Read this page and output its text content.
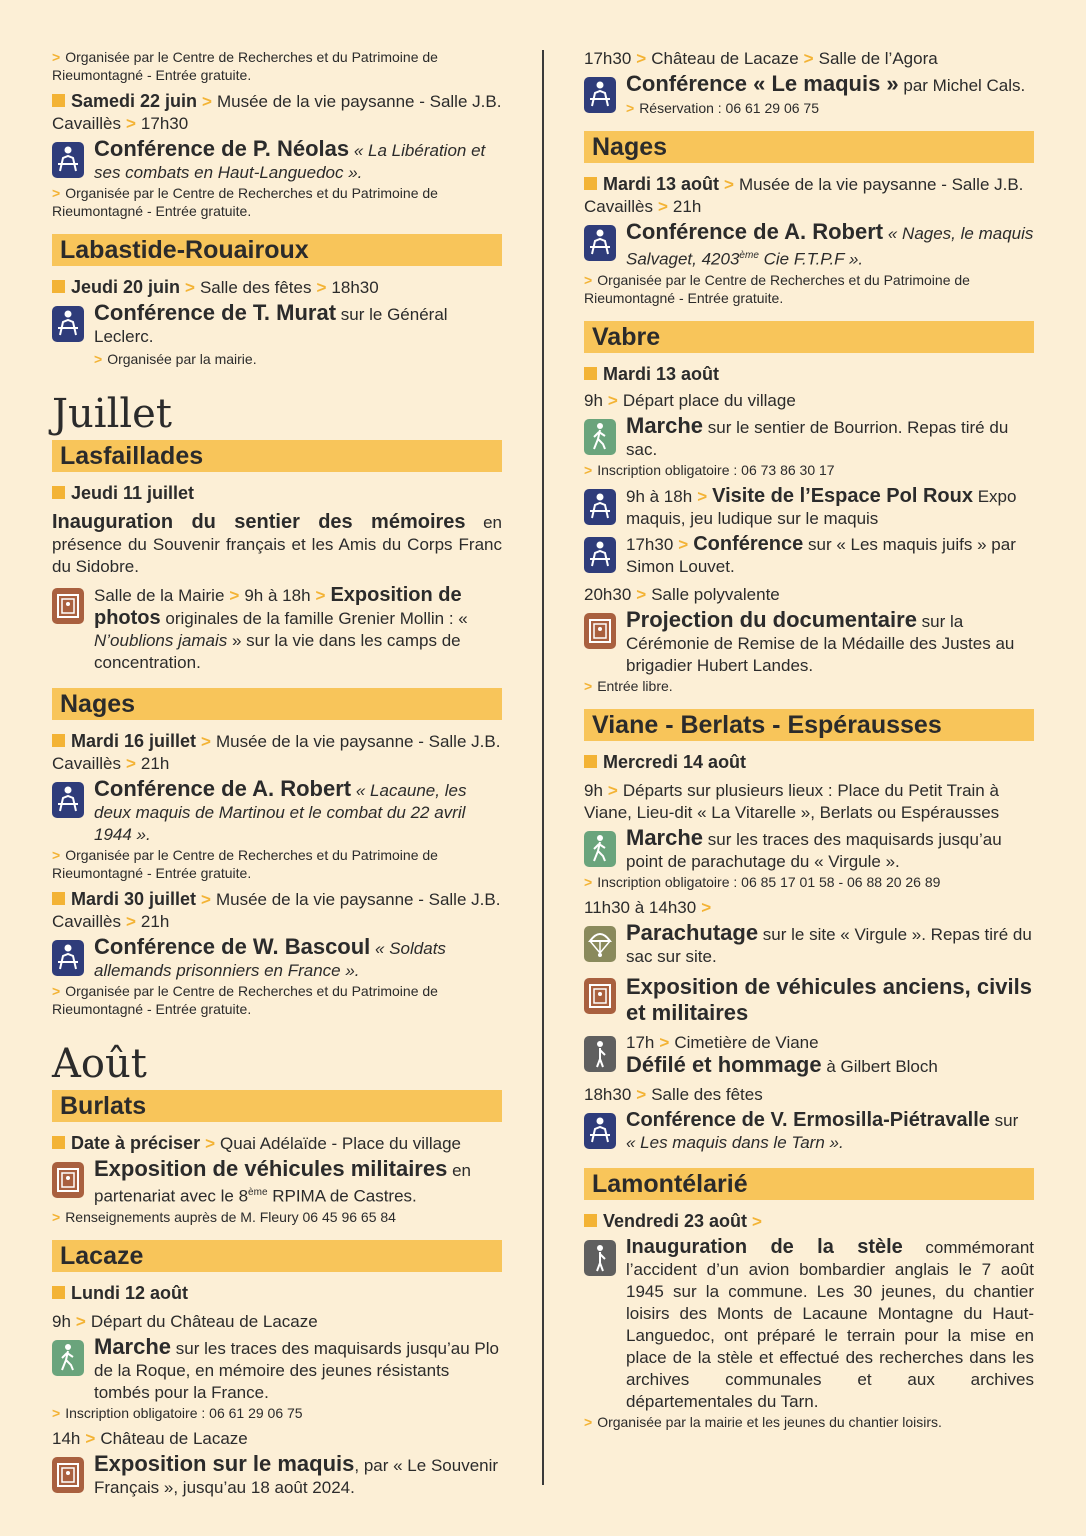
> Organisée par le Centre de Recherches et du Patrimoine de Rieumontagné - Entrée gratuite.
Samedi 22 juin > Musée de la vie paysanne - Salle J.B. Cavaillès > 17h30
Conférence de P. Néolas « La Libération et ses combats en Haut-Languedoc ».
> Organisée par le Centre de Recherches et du Patrimoine de Rieumontagné - Entrée gratuite.
Labastide-Rouairoux
Jeudi 20 juin > Salle des fêtes > 18h30
Conférence de T. Murat sur le Général Leclerc.
> Organisée par la mairie.
Juillet
Lasfaillades
Jeudi 11 juillet
Inauguration du sentier des mémoires en présence du Souvenir français et les Amis du Corps Franc du Sidobre.
Salle de la Mairie > 9h à 18h > Exposition de photos originales de la famille Grenier Mollin : « N’oublions jamais » sur la vie dans les camps de concentration.
Nages
Mardi 16 juillet > Musée de la vie paysanne - Salle J.B. Cavaillès > 21h
Conférence de A. Robert « Lacaune, les deux maquis de Martinou et le combat du 22 avril 1944 ».
> Organisée par le Centre de Recherches et du Patrimoine de Rieumontagné - Entrée gratuite.
Mardi 30 juillet > Musée de la vie paysanne - Salle J.B. Cavaillès > 21h
Conférence de W. Bascoul « Soldats allemands prisonniers en France ».
> Organisée par le Centre de Recherches et du Patrimoine de Rieumontagné - Entrée gratuite.
Août
Burlats
Date à préciser > Quai Adélaïde - Place du village
Exposition de véhicules militaires en partenariat avec le 8ème RPIMA de Castres.
> Renseignements auprès de M. Fleury 06 45 96 65 84
Lacaze
Lundi 12 août
9h > Départ du Château de Lacaze
Marche sur les traces des maquisards jusqu’au Plo de la Roque, en mémoire des jeunes résistants tombés pour la France.
> Inscription obligatoire : 06 61 29 06 75
14h > Château de Lacaze
Exposition sur le maquis, par « Le Souvenir Français », jusqu’au 18 août 2024.
17h30 > Château de Lacaze > Salle de l’Agora
Conférence « Le maquis » par Michel Cals.
> Réservation : 06 61 29 06 75
Nages
Mardi 13 août > Musée de la vie paysanne - Salle J.B. Cavaillès > 21h
Conférence de A. Robert « Nages, le maquis Salvaget, 4203ème Cie F.T.P.F ».
> Organisée par le Centre de Recherches et du Patrimoine de Rieumontagné - Entrée gratuite.
Vabre
Mardi 13 août
9h > Départ place du village
Marche sur le sentier de Bourrion. Repas tiré du sac.
> Inscription obligatoire : 06 73 86 30 17
9h à 18h > Visite de l’Espace Pol Roux Expo maquis, jeu ludique sur le maquis
17h30 > Conférence sur « Les maquis juifs » par Simon Louvet.
20h30 > Salle polyvalente
Projection du documentaire sur la Cérémonie de Remise de la Médaille des Justes au brigadier Hubert Landes.
> Entrée libre.
Viane - Berlats - Espérausses
Mercredi 14 août
9h > Départs sur plusieurs lieux : Place du Petit Train à Viane, Lieu-dit « La Vitarelle », Berlats ou Espérausses
Marche sur les traces des maquisards jusqu’au point de parachutage du « Virgule ».
> Inscription obligatoire : 06 85 17 01 58 - 06 88 20 26 89
11h30 à 14h30 >
Parachutage sur le site « Virgule ». Repas tiré du sac sur site.
Exposition de véhicules anciens, civils et militaires
17h > Cimetière de Viane
Défilé et hommage à Gilbert Bloch
18h30 > Salle des fêtes
Conférence de V. Ermosilla-Piétravalle sur
« Les maquis dans le Tarn ».
Lamontélarié
Vendredi 23 août >
Inauguration de la stèle commémorant l’accident d’un avion bombardier anglais le 7 août 1945 sur la commune. Les 30 jeunes, du chantier loisirs des Monts de Lacaune Montagne du Haut-Languedoc, ont préparé le terrain pour la mise en place de la stèle et effectué des recherches dans les archives communales et aux archives départementales du Tarn.
> Organisée par la mairie et les jeunes du chantier loisirs.
